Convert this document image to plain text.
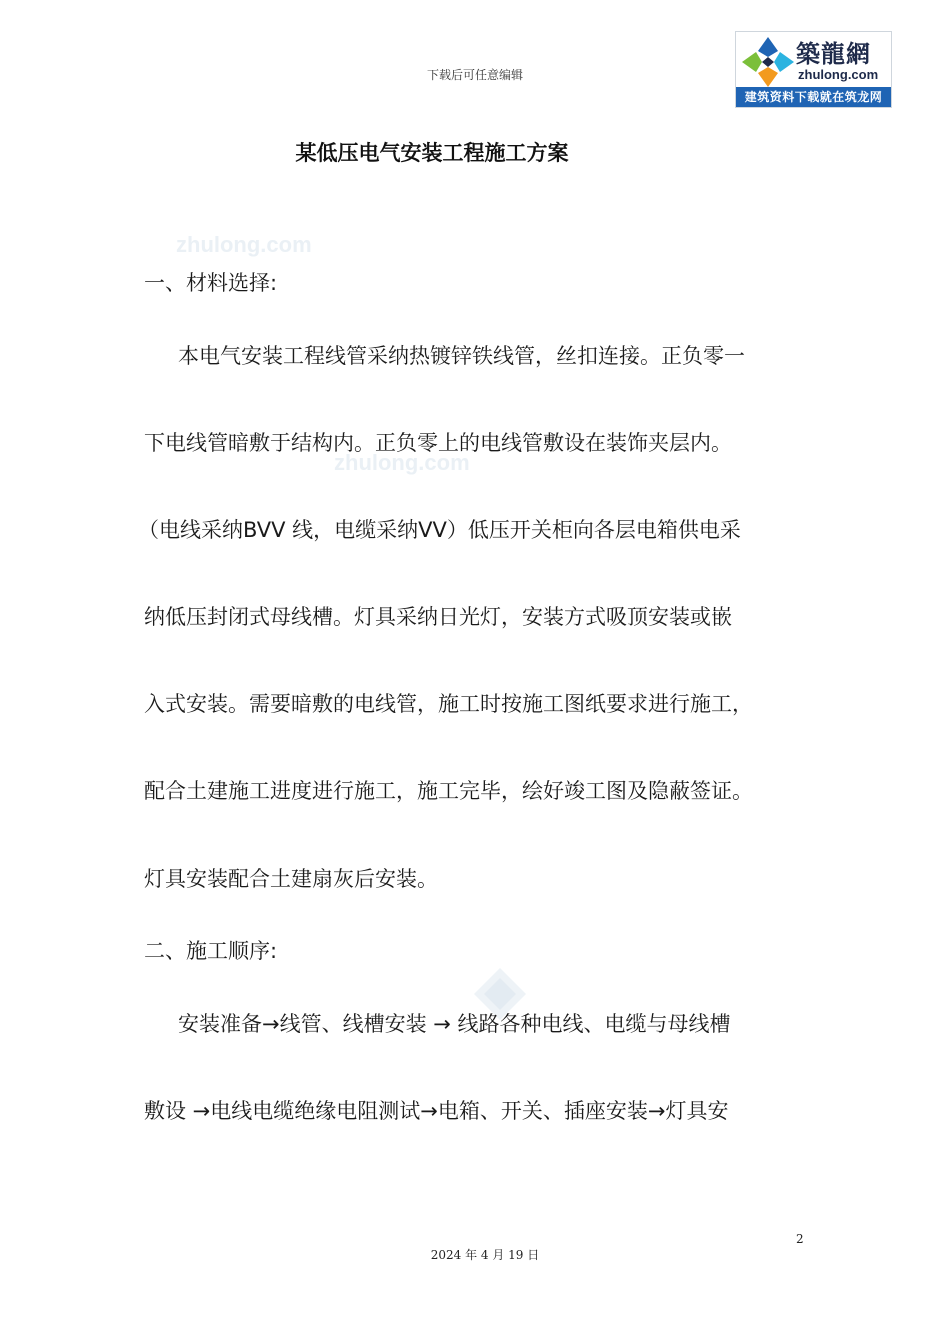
下载后可任意编辑
築龍網
zhulong.com
建筑资料下载就在筑龙网
zhulong.com
zhulong.com
某低压电气安装工程施工方案
一、材料选择:
本电气安装工程线管采纳热镀锌铁线管，丝扣连接。正负零一
下电线管暗敷于结构内。正负零上的电线管敷设在装饰夹层内。
（电线采纳BVV 线，电缆采纳VV）低压开关柜向各层电箱供电采
纳低压封闭式母线槽。灯具采纳日光灯，安装方式吸顶安装或嵌
入式安装。需要暗敷的电线管，施工时按施工图纸要求进行施工，
配合土建施工进度进行施工，施工完毕，绘好竣工图及隐蔽签证。
灯具安装配合土建扇灰后安装。
二、施工顺序:
安装准备→线管、线槽安装 → 线路各种电线、电缆与母线槽
敷设 →电线电缆绝缘电阻测试→电箱、开关、插座安装→灯具安
2
2024 年 4 月 19 日
